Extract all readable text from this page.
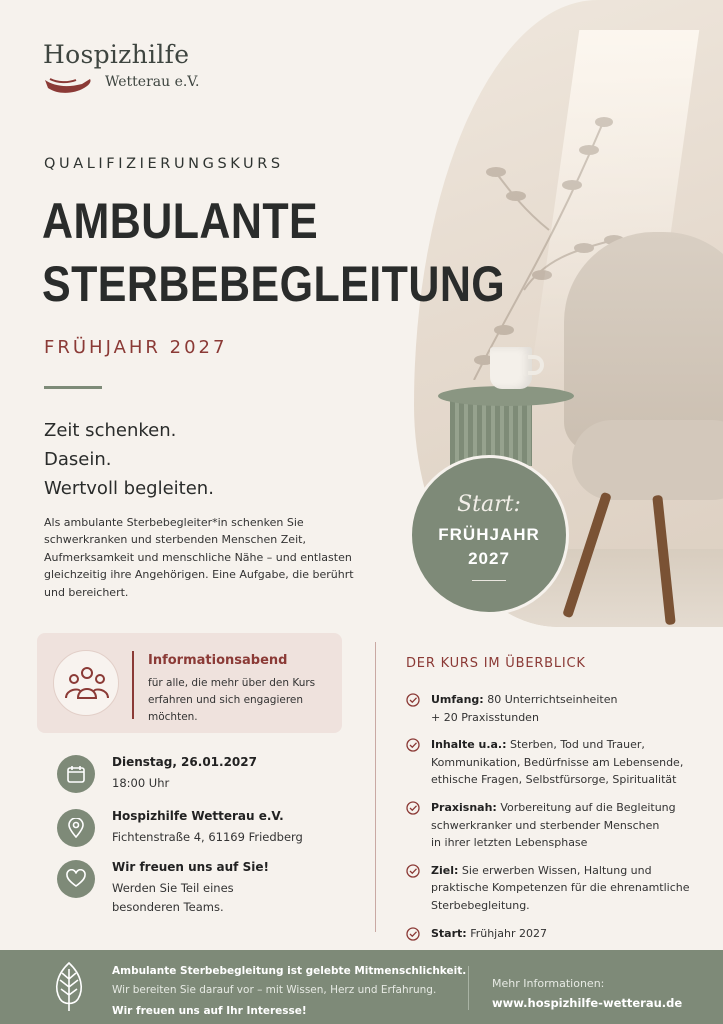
Hospizhilfe
Wetterau e.V.
QUALIFIZIERUNGSKURS
AMBULANTE
STERBEBEGLEITUNG
FRÜHJAHR 2027
Zeit schenken.
Dasein.
Wertvoll begleiten.
Als ambulante Sterbebegleiter*in schenken Sie schwerkranken und sterbenden Menschen Zeit, Aufmerksamkeit und menschliche Nähe – und entlasten gleichzeitig ihre Angehörigen. Eine Aufgabe, die berührt und bereichert.
Start:
FRÜHJAHR
2027
Informationsabend
für alle, die mehr über den Kurs erfahren und sich engagieren möchten.
Dienstag, 26.01.2027
18:00 Uhr
Hospizhilfe Wetterau e.V.
Fichtenstraße 4, 61169 Friedberg
Wir freuen uns auf Sie!
Werden Sie Teil eines
besonderen Teams.
DER KURS IM ÜBERBLICK
Umfang: 80 Unterrichtseinheiten
+ 20 Praxisstunden
Inhalte u.a.: Sterben, Tod und Trauer,
Kommunikation, Bedürfnisse am Lebensende,
ethische Fragen, Selbstfürsorge, Spiritualität
Praxisnah: Vorbereitung auf die Begleitung
schwerkranker und sterbender Menschen
in ihrer letzten Lebensphase
Ziel: Sie erwerben Wissen, Haltung und
praktische Kompetenzen für die ehrenamtliche
Sterbebegleitung.
Start: Frühjahr 2027
Ambulante Sterbebegleitung ist gelebte Mitmenschlichkeit.
Wir bereiten Sie darauf vor – mit Wissen, Herz und Erfahrung.
Wir freuen uns auf Ihr Interesse!
Mehr Informationen:
www.hospizhilfe-wetterau.de
